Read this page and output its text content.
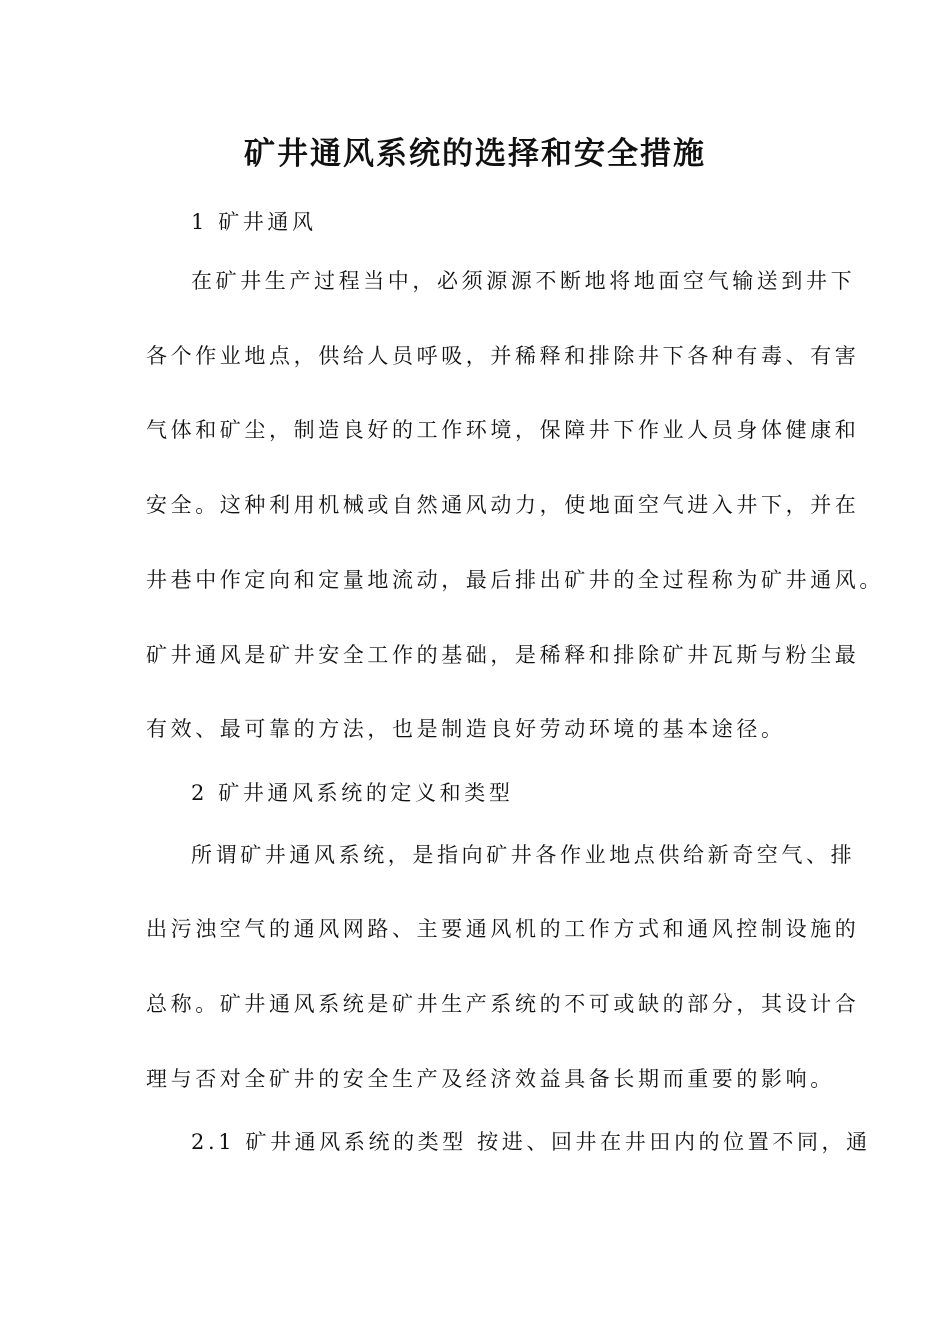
矿井通风系统的选择和安全措施
1 矿井通风
在矿井生产过程当中，必须源源不断地将地面空气输送到井下
各个作业地点，供给人员呼吸，并稀释和排除井下各种有毒、有害
气体和矿尘，制造良好的工作环境，保障井下作业人员身体健康和
安全。这种利用机械或自然通风动力，使地面空气进入井下，并在
井巷中作定向和定量地流动，最后排出矿井的全过程称为矿井通风。
矿井通风是矿井安全工作的基础，是稀释和排除矿井瓦斯与粉尘最
有效、最可靠的方法，也是制造良好劳动环境的基本途径。
2 矿井通风系统的定义和类型
所谓矿井通风系统，是指向矿井各作业地点供给新奇空气、排
出污浊空气的通风网路、主要通风机的工作方式和通风控制设施的
总称。矿井通风系统是矿井生产系统的不可或缺的部分，其设计合
理与否对全矿井的安全生产及经济效益具备长期而重要的影响。
2.1 矿井通风系统的类型 按进、回井在井田内的位置不同，通
